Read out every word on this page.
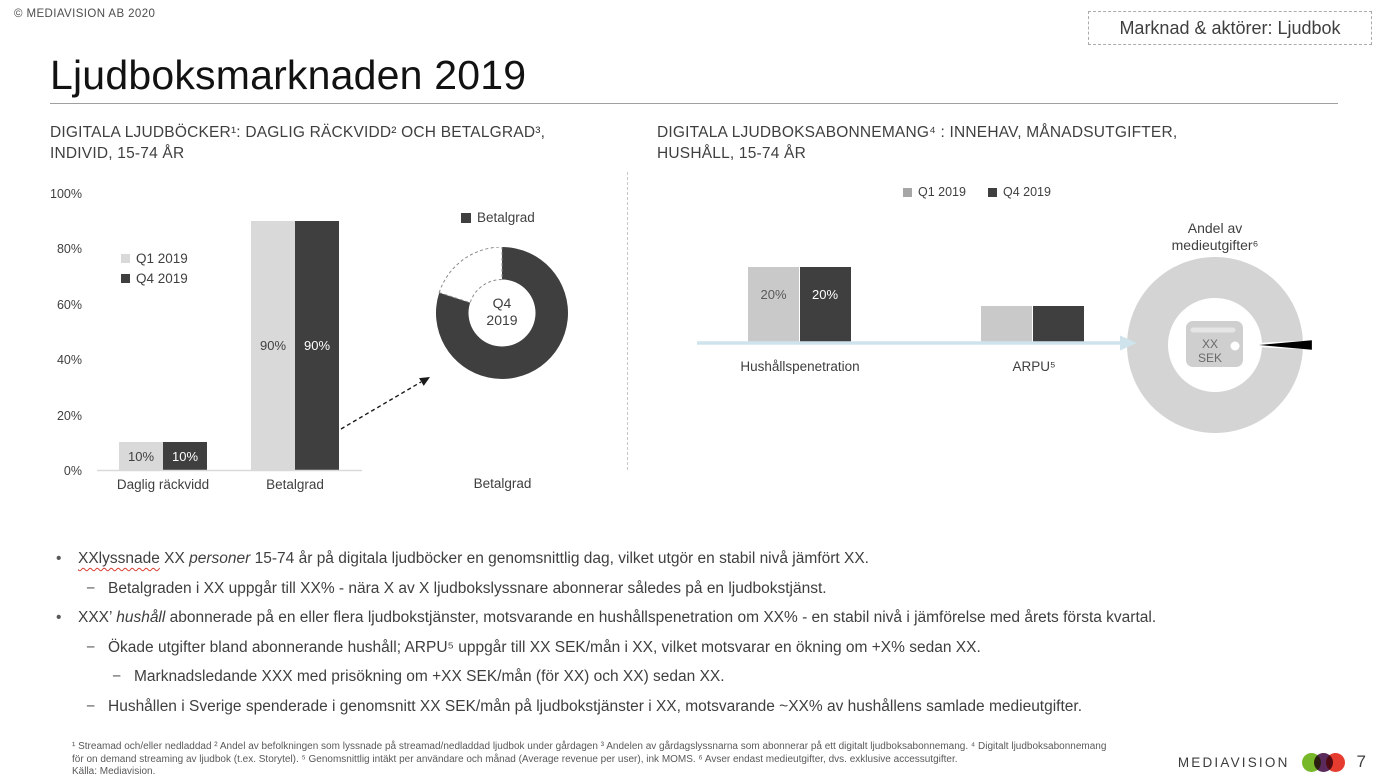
© MEDIAVISION AB 2020
Marknad & aktörer: Ljudbok
Ljudboksmarknaden 2019
DIGITALA LJUDBÖCKER¹: DAGLIG RÄCKVIDD² OCH BETALGRAD³,
INDIVID, 15-74 ÅR
DIGITALA LJUDBOKSABONNEMANG⁴ : INNEHAV, MÅNADSUTGIFTER,
HUSHÅLL, 15-74 ÅR
0%
20%
40%
60%
80%
100%
10%
90%
10%
90%
Q1 2019
Q4 2019
Daglig räckvidd	Betalgrad
Betalgrad
Q4
2019
Betalgrad
Q1 2019	Q4 2019
20% 20%
Hushållspenetration	ARPU⁵
Andel av
medieutgifter⁶
XX
SEK
•	XXlyssnade XX personer 15-74 år på digitala ljudböcker en genomsnittlig dag, vilket utgör en stabil nivå jämfört XX.
− Betalgraden i XX uppgår till XX% - nära X av X ljudbokslyssnare abonnerar således på en ljudbokstjänst.
•	XXX’ hushåll abonnerade på en eller flera ljudbokstjänster, motsvarande en hushållspenetration om XX% - en stabil nivå i jämförelse med årets första kvartal.
− Ökade utgifter bland abonnerande hushåll; ARPU⁵ uppgår till XX SEK/mån i XX, vilket motsvarar en ökning om +X% sedan XX.
− Marknadsledande XXX med prisökning om +XX SEK/mån (för XX) och XX) sedan XX.
− Hushållen i Sverige spenderade i genomsnitt XX SEK/mån på ljudbokstjänster i XX, motsvarande ~XX% av hushållens samlade medieutgifter.
¹ Streamad och/eller nedladdad ² Andel av befolkningen som lyssnade på streamad/nedladdad ljudbok under gårdagen ³ Andelen av gårdagslyssnarna som abonnerar på ett digitalt ljudboksabonnemang. ⁴ Digitalt ljudboksabonnemang
för on demand streaming av ljudbok (t.ex. Storytel). ⁵ Genomsnittlig intäkt per användare och månad (Average revenue per user), ink MOMS. ⁶ Avser endast medieutgifter, dvs. exklusive accessutgifter.
Källa: Mediavision.
MEDIAVISION	7
